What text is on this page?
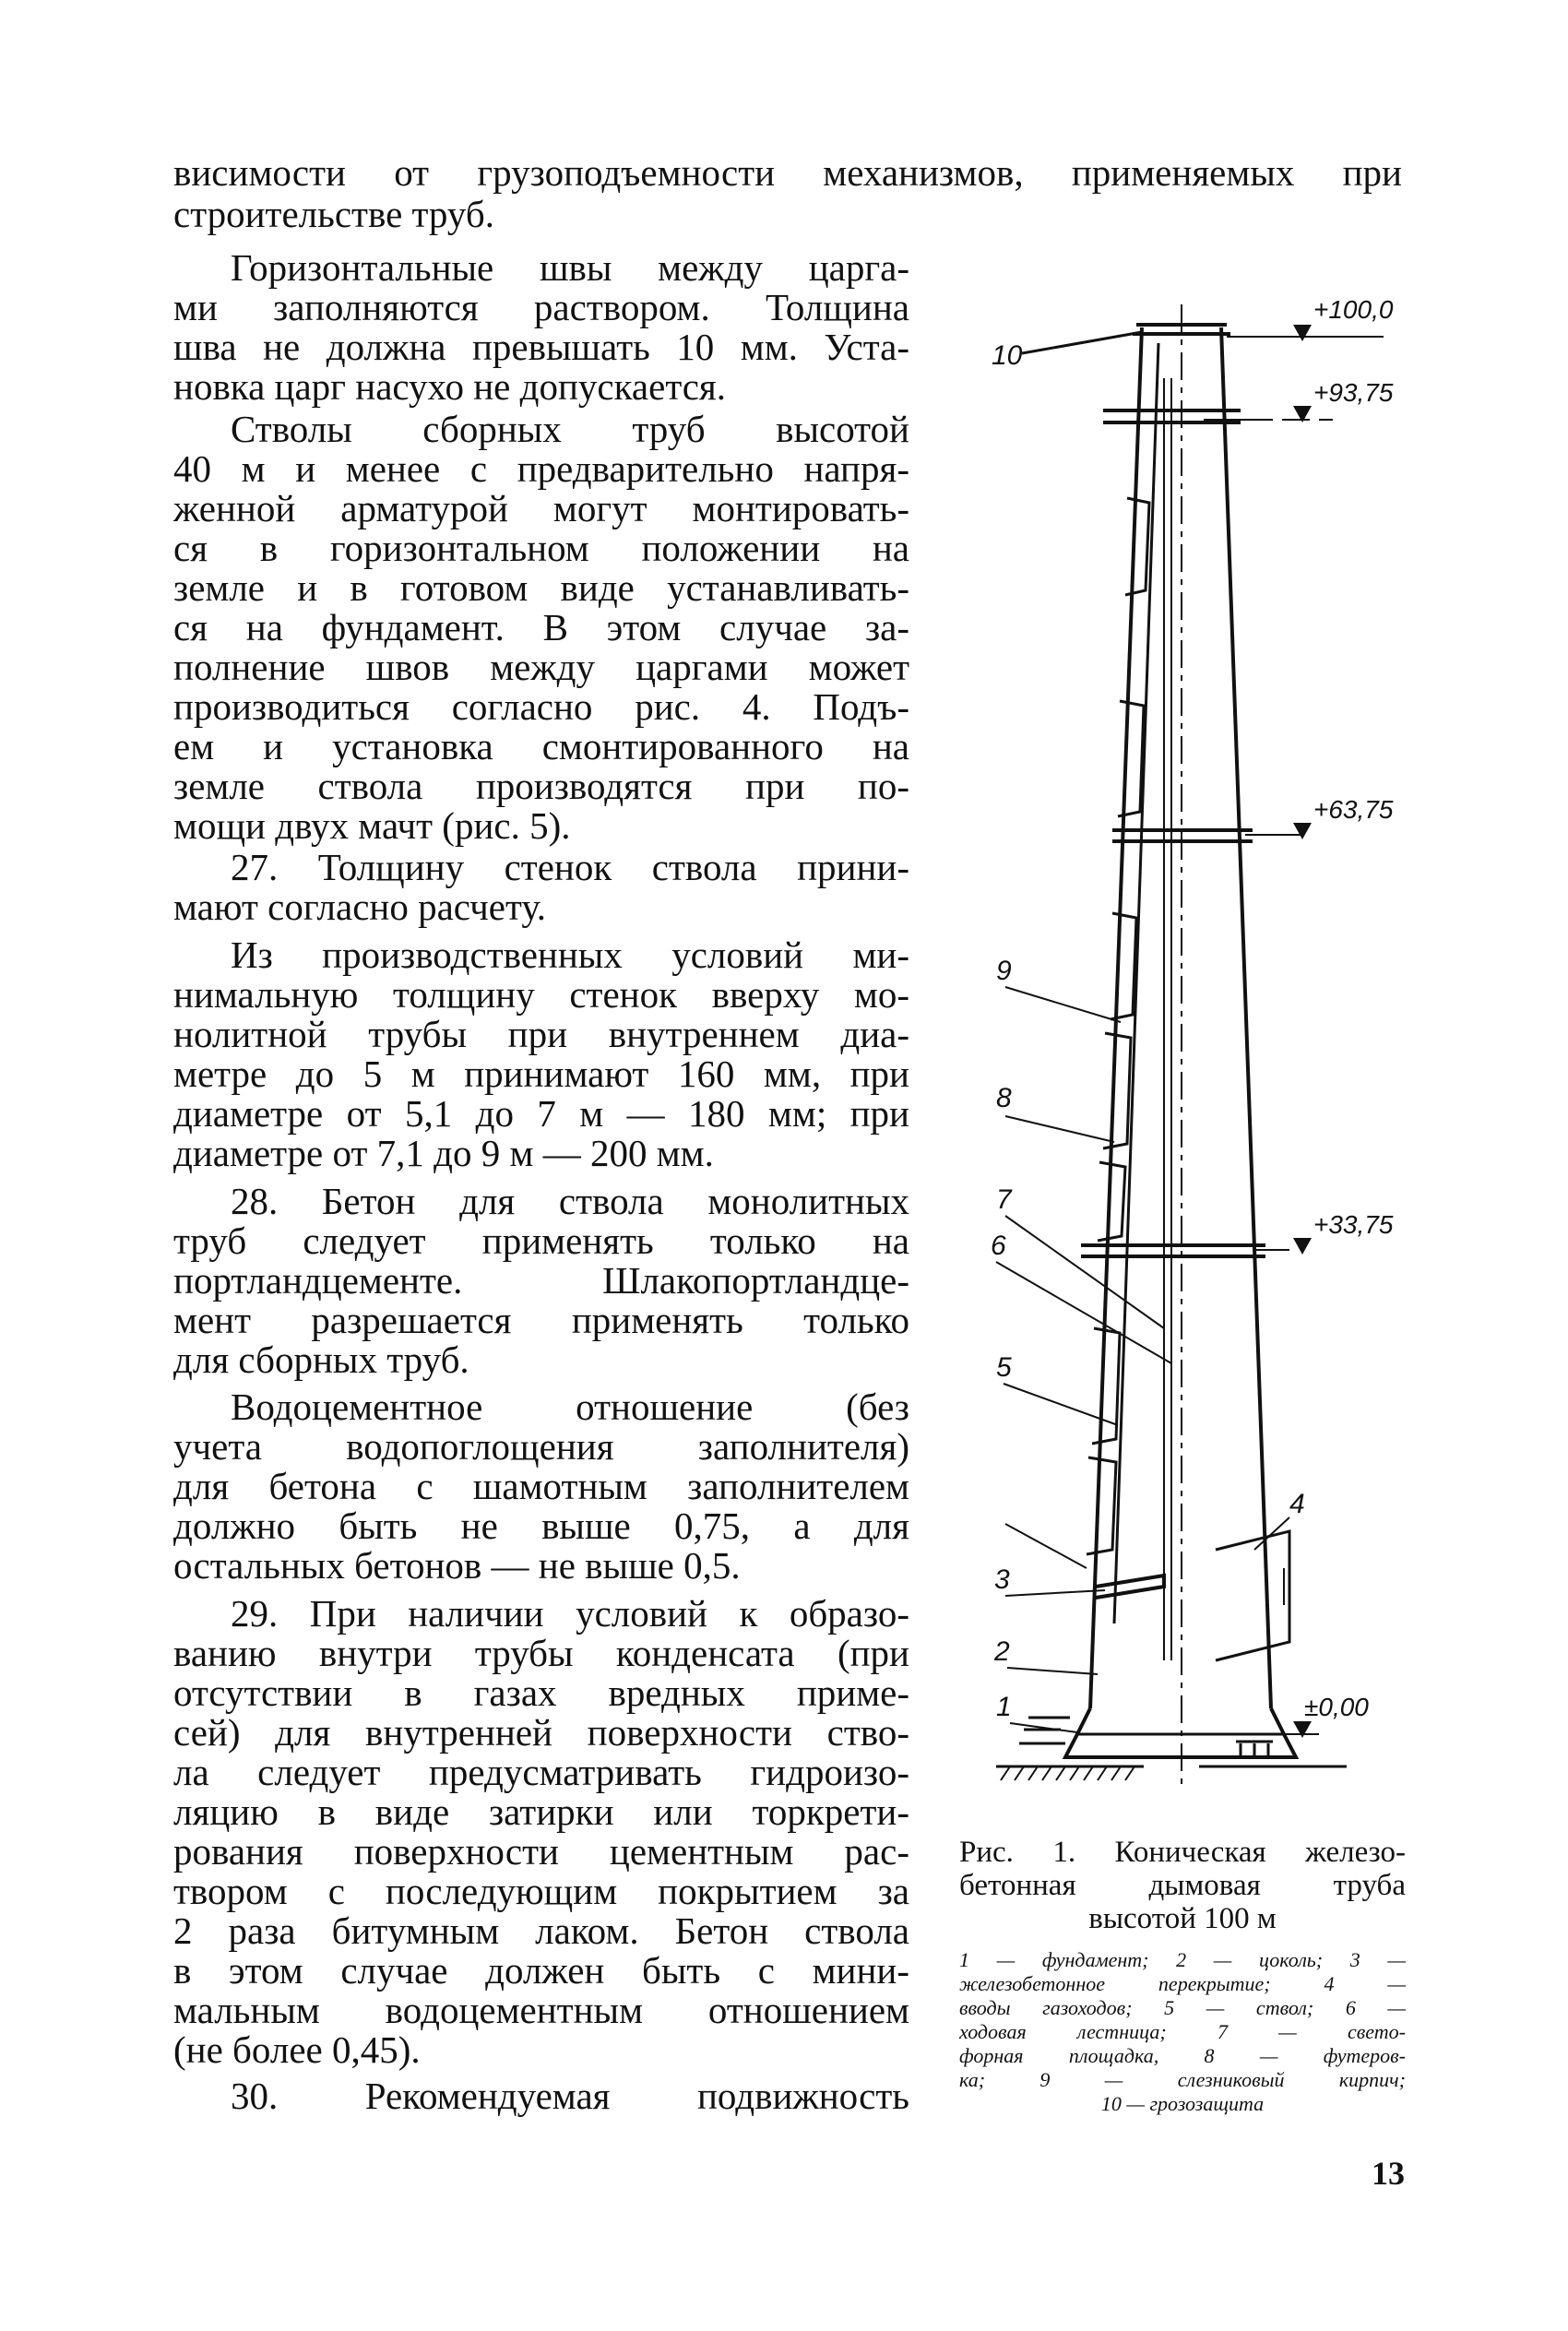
висимости от грузоподъемности механизмов, применяемых при
строительстве труб.
Горизонтальные швы между царга-
ми заполняются раствором. Толщина
шва не должна превышать 10 мм. Уста-
новка царг насухо не допускается.
Стволы сборных труб высотой
40 м и менее с предварительно напря-
женной арматурой могут монтировать-
ся в горизонтальном положении на
земле и в готовом виде устанавливать-
ся на фундамент. В этом случае за-
полнение швов между царгами может
производиться согласно рис. 4. Подъ-
ем и установка смонтированного на
земле ствола производятся при по-
мощи двух мачт (рис. 5).
27. Толщину стенок ствола прини-
мают согласно расчету.
Из производственных условий ми-
нимальную толщину стенок вверху мо-
нолитной трубы при внутреннем диа-
метре до 5 м принимают 160 мм, при
диаметре от 5,1 до 7 м — 180 мм; при
диаметре от 7,1 до 9 м — 200 мм.
28. Бетон для ствола монолитных
труб следует применять только на
портландцементе. Шлакопортландце-
мент разрешается применять только
для сборных труб.
Водоцементное отношение (без
учета водопоглощения заполнителя)
для бетона с шамотным заполнителем
должно быть не выше 0,75, а для
остальных бетонов — не выше 0,5.
29. При наличии условий к образо-
ванию внутри трубы конденсата (при
отсутствии в газах вредных приме-
сей) для внутренней поверхности ство-
ла следует предусматривать гидроизо-
ляцию в виде затирки или торкрети-
рования поверхности цементным рас-
твором с последующим покрытием за
2 раза битумным лаком. Бетон ствола
в этом случае должен быть с мини-
мальным водоцементным отношением
(не более 0,45).
30. Рекомендуемая подвижность
+100,0
+93,75
+63,75
+33,75
±0,00
10
9
8
7
6
5
4
3
2
1
Рис. 1. Коническая железо-
бетонная дымовая труба
высотой 100 м
1 — фундамент; 2 — цоколь; 3 —
железобетонное перекрытие; 4 —
вводы газоходов; 5 — ствол; 6 —
ходовая лестница; 7 — свето-
форная площадка, 8 — футеров-
ка; 9 — слезниковый кирпич;
10 — грозозащита
13
